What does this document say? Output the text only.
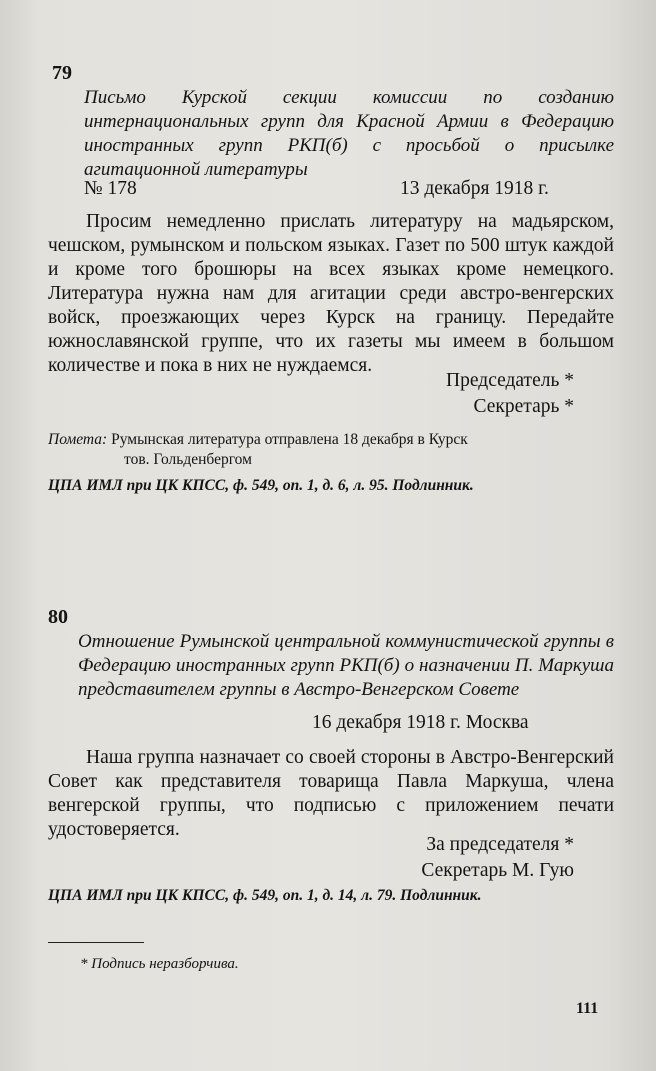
79
Письмо Курской секции комиссии по созданию интернациональных групп для Красной Армии в Федерацию иностранных групп РКП(б) с просьбой о присылке агитационной литературы
№ 178	13 декабря 1918 г.

Просим немедленно прислать литературу на мадьярском, чешском, румынском и польском языках. Газет по 500 штук каждой и кроме того брошюры на всех языках кроме немецкого. Литература нужна нам для агитации среди австро-венгерских войск, проезжающих через Курск на границу. Передайте южнославянской группе, что их газеты мы имеем в большом количестве и пока в них не нуждаемся.

Председатель *
Секретарь *
Помета: Румынская литература отправлена 18 декабря в Курск
тов. Гольденбергом
ЦПА ИМЛ при ЦК КПСС, ф. 549, оп. 1, д. 6, л. 95. Подлинник.
80
Отношение Румынской центральной коммунистической группы в Федерацию иностранных групп РКП(б) о назначении П. Маркуша представителем группы в Австро-Венгерском Совете
16 декабря 1918 г. Москва

Наша группа назначает со своей стороны в Австро-Венгерский Совет как представителя товарища Павла Маркуша, члена венгерской группы, что подписью с приложением печати удостоверяется.

За председателя *
Секретарь М. Гую
ЦПА ИМЛ при ЦК КПСС, ф. 549, оп. 1, д. 14, л. 79. Подлинник.
* Подпись неразборчива.
111
